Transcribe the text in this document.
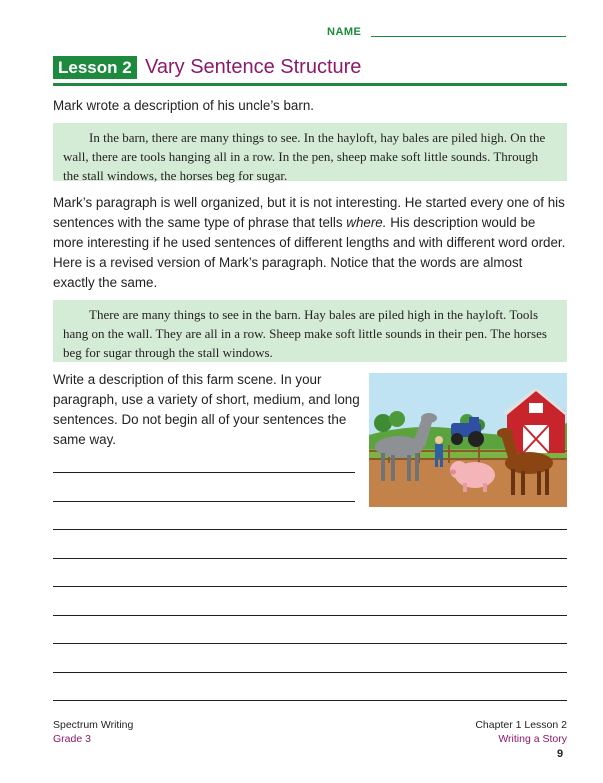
NAME
Lesson 2 Vary Sentence Structure

Mark wrote a description of his uncle’s barn.

In the barn, there are many things to see. In the hayloft, hay bales are piled high. On the wall, there are tools hanging all in a row. In the pen, sheep make soft little sounds. Through the stall windows, the horses beg for sugar.

Mark’s paragraph is well organized, but it is not interesting. He started every one of his sentences with the same type of phrase that tells where. His description would be more interesting if he used sentences of different lengths and with different word order. Here is a revised version of Mark’s paragraph. Notice that the words are almost exactly the same.

There are many things to see in the barn. Hay bales are piled high in the hayloft. Tools hang on the wall. They are all in a row. Sheep make soft little sounds in their pen. The horses beg for sugar through the stall windows.

Write a description of this farm scene. In your paragraph, use a variety of short, medium, and long sentences. Do not begin all of your sentences the same way.

Spectrum Writing
Grade 3
Chapter 1 Lesson 2
Writing a Story
9
